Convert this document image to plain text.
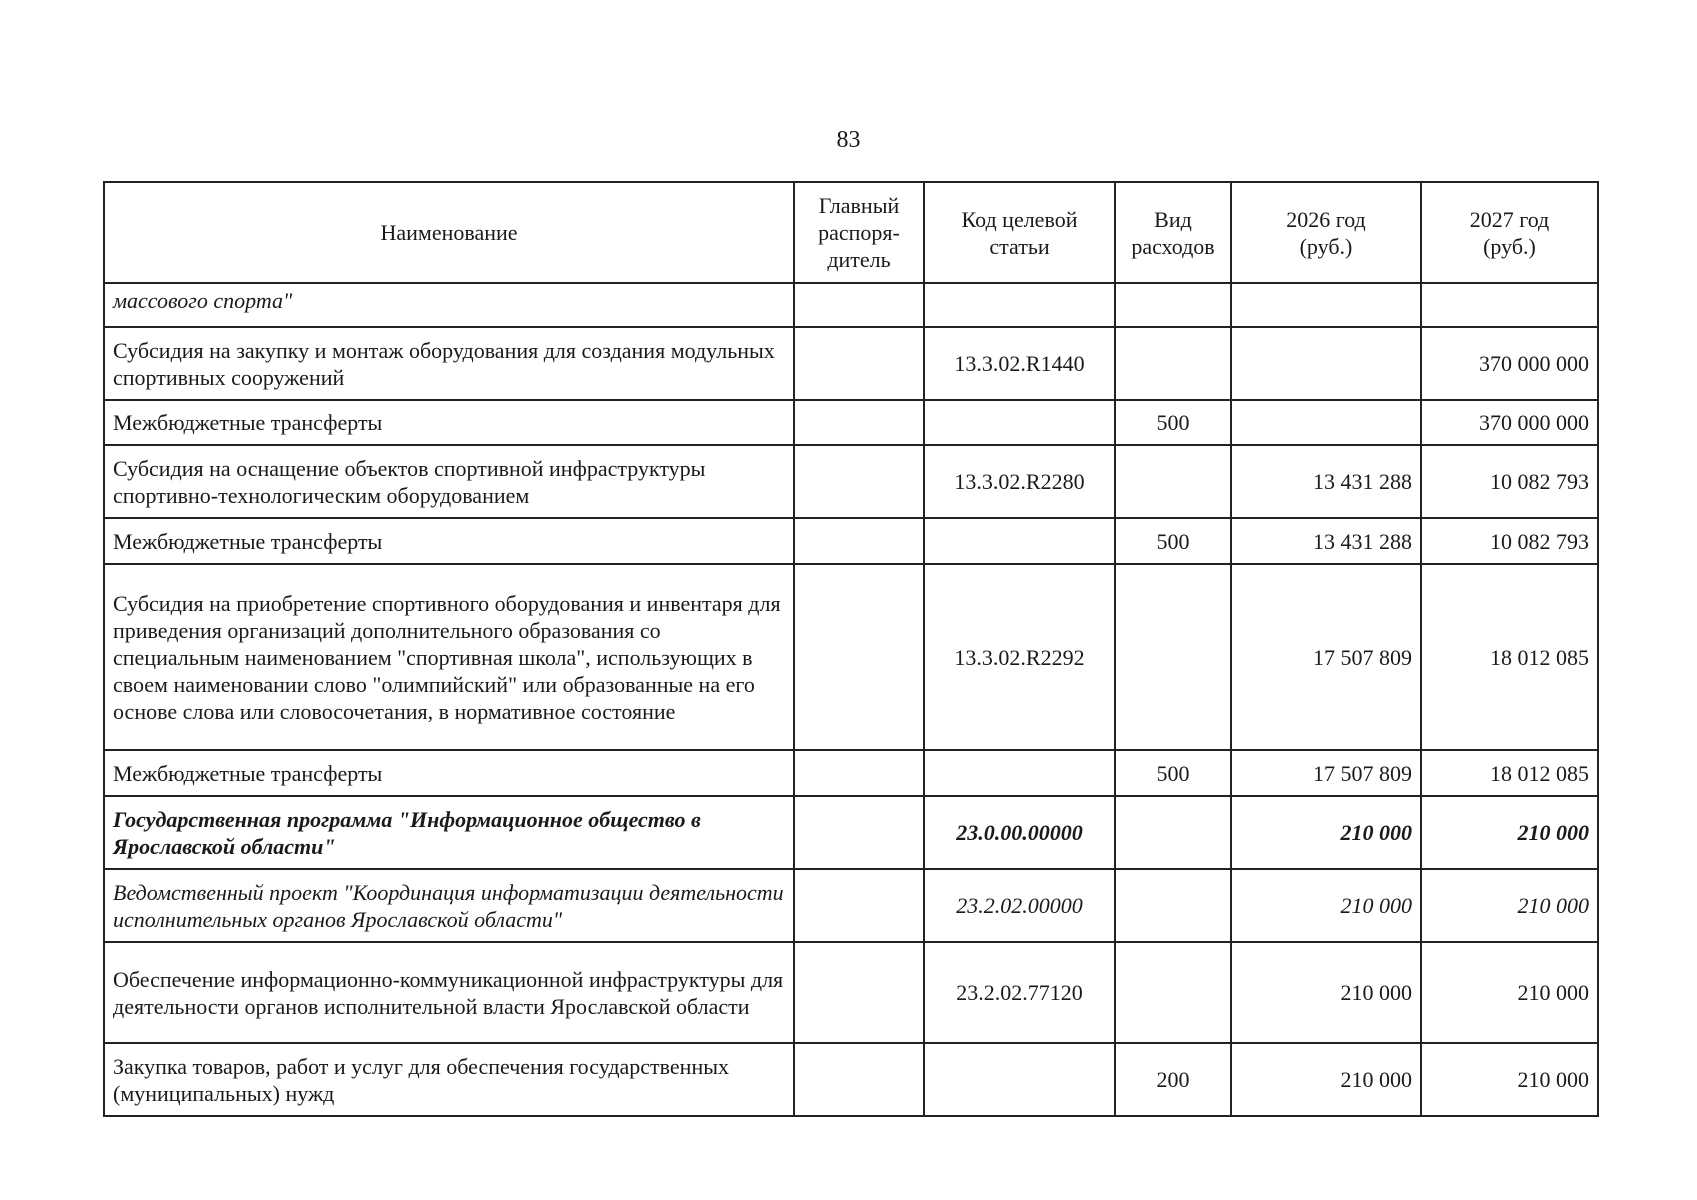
83
Наименование	Главный
распоря-
дитель	Код целевой
статьи	Вид
расходов	2026 год
(руб.)	2027 год
(руб.)
массового спорта"					
Субсидия на закупку и монтаж оборудования для создания модульных спортивных сооружений		13.3.02.R1440			370 000 000
Межбюджетные трансферты			500		370 000 000
Субсидия на оснащение объектов спортивной инфраструктуры спортивно-технологическим оборудованием		13.3.02.R2280		13 431 288	10 082 793
Межбюджетные трансферты			500	13 431 288	10 082 793
Субсидия на приобретение спортивного оборудования и инвентаря для приведения организаций дополнительного образования со специальным наименованием "спортивная школа", использующих в своем наименовании слово "олимпийский" или образованные на его основе слова или словосочетания, в нормативное состояние		13.3.02.R2292		17 507 809	18 012 085
Межбюджетные трансферты			500	17 507 809	18 012 085
Государственная программа "Информационное общество в Ярославской области"		23.0.00.00000		210 000	210 000
Ведомственный проект "Координация информатизации деятельности исполнительных органов Ярославской области"		23.2.02.00000		210 000	210 000
Обеспечение информационно-коммуникационной инфраструктуры для деятельности органов исполнительной власти Ярославской области		23.2.02.77120		210 000	210 000
Закупка товаров, работ и услуг для обеспечения государственных (муниципальных) нужд			200	210 000	210 000
